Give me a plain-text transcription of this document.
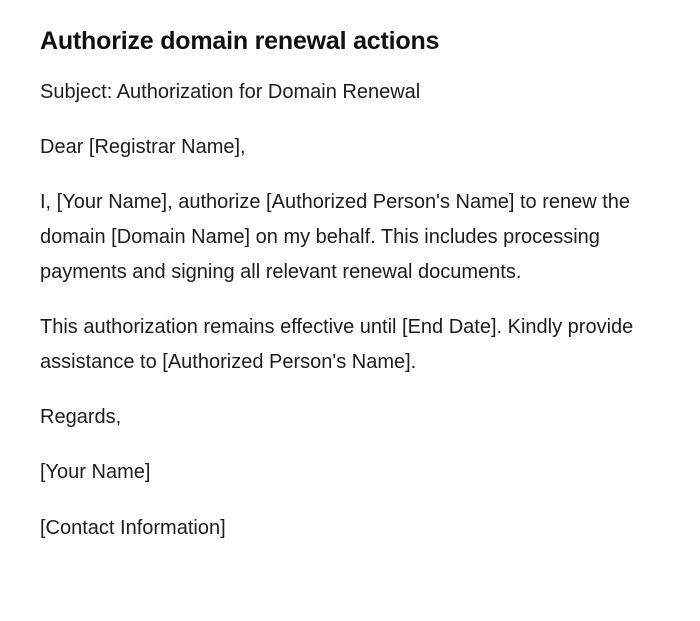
Authorize domain renewal actions

Subject: Authorization for Domain Renewal

Dear [Registrar Name],

I, [Your Name], authorize [Authorized Person's Name] to renew the domain [Domain Name] on my behalf. This includes processing payments and signing all relevant renewal documents.

This authorization remains effective until [End Date]. Kindly provide assistance to [Authorized Person's Name].

Regards,

[Your Name]

[Contact Information]
